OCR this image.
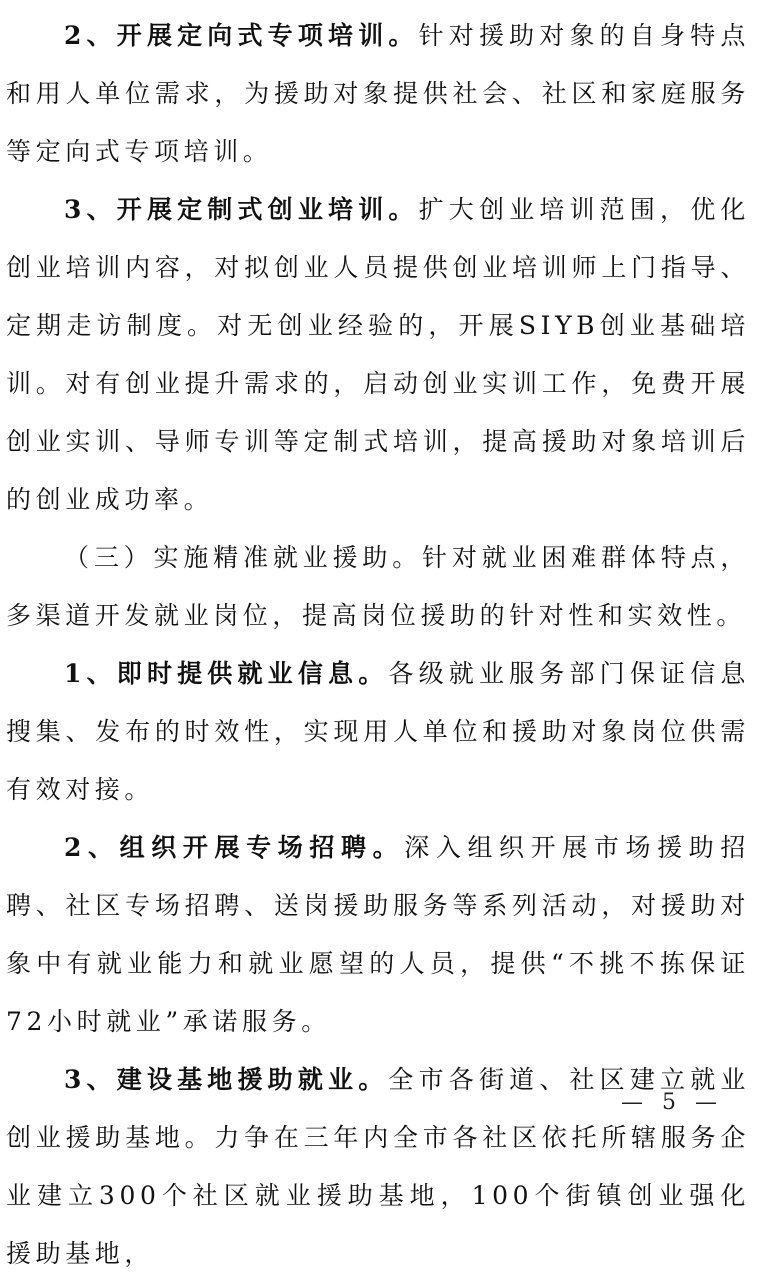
2、开展定向式专项培训。针对援助对象的自身特点和用人单位需求，为援助对象提供社会、社区和家庭服务等定向式专项培训。

3、开展定制式创业培训。扩大创业培训范围，优化创业培训内容，对拟创业人员提供创业培训师上门指导、定期走访制度。对无创业经验的，开展SIYB创业基础培训。对有创业提升需求的，启动创业实训工作，免费开展创业实训、导师专训等定制式培训，提高援助对象培训后的创业成功率。

（三）实施精准就业援助。针对就业困难群体特点，多渠道开发就业岗位，提高岗位援助的针对性和实效性。

1、即时提供就业信息。各级就业服务部门保证信息搜集、发布的时效性，实现用人单位和援助对象岗位供需有效对接。

2、组织开展专场招聘。深入组织开展市场援助招聘、社区专场招聘、送岗援助服务等系列活动，对援助对象中有就业能力和就业愿望的人员，提供“不挑不拣保证72小时就业”承诺服务。

3、建设基地援助就业。全市各街道、社区建立就业创业援助基地。力争在三年内全市各社区依托所辖服务企业建立300个社区就业援助基地，100个街镇创业强化援助基地，

— 5 —
